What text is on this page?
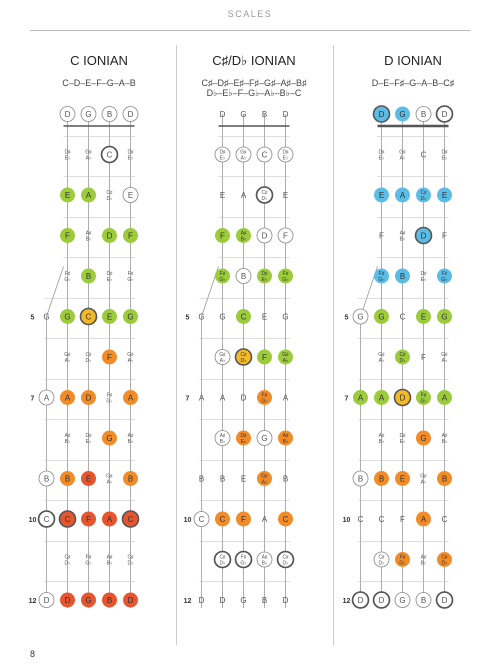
SCALES
C IONIAN
C–D–E–F–G–A–B
D G B D
D♯
E♭
G♯
A♭ C	D♯
E♭
E A	C♯
D♭ E
F	A♯
B♭ D F
F♯
G♭ B	D♯
E♭
F♯
G♭
G C E G
G♯
A♭
C♯
D♭ F	G♯
A♭
A D	F♯
G♭ A
A♯
B♭
D♯
E♭ G	A♯
B♭
B E	G♯
A♭ B
C F A C
C♯
D♭
F♯
G♭
A♯
B♭
C♯
D♭
D G B D
G
5
A
7
B
C
10
D
12
C♯/D♭ IONIAN
C♯–D♯–E♯–F♯–G♯–A♯–B♯
D♭–E♭–F–G♭–A♭–B♭–C
D G B D
D♯
E♭
G♯
A♭ C	D♯
E♭
E A	C♯
D♭ E
F	A♯
B♭ D F
F♯
G♭ B	D♯
E♭
F♯
G♭
G C E G
G♯
A♭
C♯
D♭ F	G♯
A♭
A D	F♯
G♭ A
A♯
B♭
D♯
E♭ G	A♯
B♭
B E	G♯
A♭ B
C F A C
C♯
D♭
F♯
G♭
A♯
B♭
C♯
D♭
D G B D
G
5
A
7
B
C
10
D
12
D IONIAN
D–E–F♯–G–A–B–C♯
D G B D
D♯
E♭
G♯
A♭ C	D♯
E♭
E A	C♯
D♭ E
F	A♯
B♭ D F
F♯
G♭ B	D♯
E♭
F♯
G♭
G C E G
G♯
A♭
C♯
D♭ F	G♯
A♭
A D	F♯
G♭ A
A♯
B♭
D♯
E♭ G	A♯
B♭
B E	G♯
A♭ B
C F A C
C♯
D♭
F♯
G♭
A♯
B♭
C♯
D♭
D G B D
G
5
A
7
B
C
10
D
12
8
